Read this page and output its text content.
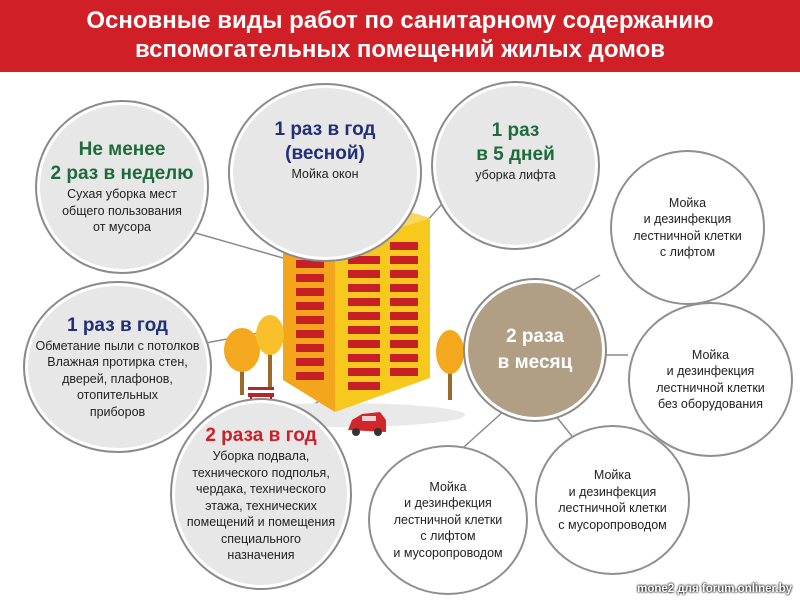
Основные виды работ по санитарному содержанию
вспомогательных помещений жилых домов
Не менее
2 раз в неделю
Сухая уборка мест
общего пользования
от мусора
1 раз в год
(весной)
Мойка окон
1 раз
в 5 дней
уборка лифта
1 раз в год
Обметание пыли с потолков
Влажная протирка стен,
дверей, плафонов,
отопительных
приборов
2 раза в год
Уборка подвала,
технического подполья,
чердака, технического
этажа, технических
помещений и помещения
специального
назначения
2 раза
в месяц
Мойка
и дезинфекция
лестничной клетки
с лифтом
Мойка
и дезинфекция
лестничной клетки
без оборудования
Мойка
и дезинфекция
лестничной клетки
с мусоропроводом
Мойка
и дезинфекция
лестничной клетки
с лифтом
и мусоропроводом
mone2 для forum.onliner.by
